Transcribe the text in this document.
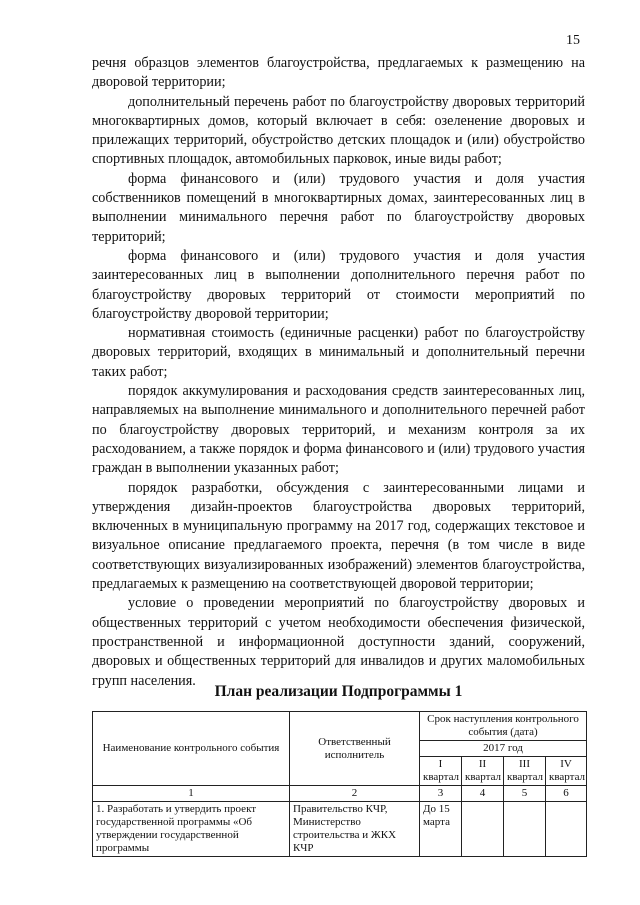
15

речня образцов элементов благоустройства, предлагаемых к размещению на дворовой территории;

дополнительный перечень работ по благоустройству дворовых территорий многоквартирных домов, который включает в себя: озеленение дворовых и прилежащих территорий, обустройство детских площадок и (или) обустройство спортивных площадок, автомобильных парковок, иные виды работ;

форма финансового и (или) трудового участия и доля участия собственников помещений в многоквартирных домах, заинтересованных лиц в выполнении минимального перечня работ по благоустройству дворовых территорий;

форма финансового и (или) трудового участия и доля участия заинтересованных лиц в выполнении дополнительного перечня работ по благоустройству дворовых территорий от стоимости мероприятий по благоустройству дворовой территории;

нормативная стоимость (единичные расценки) работ по благоустройству дворовых территорий, входящих в минимальный и дополнительный перечни таких работ;

порядок аккумулирования и расходования средств заинтересованных лиц, направляемых на выполнение минимального и дополнительного перечней работ по благоустройству дворовых территорий, и механизм контроля за их расходованием, а также порядок и форма финансового и (или) трудового участия граждан в выполнении указанных работ;

порядок разработки, обсуждения с заинтересованными лицами и утверждения дизайн-проектов благоустройства дворовых территорий, включенных в муниципальную программу на 2017 год, содержащих текстовое и визуальное описание предлагаемого проекта, перечня (в том числе в виде соответствующих визуализированных изображений) элементов благоустройства, предлагаемых к размещению на соответствующей дворовой территории;

условие о проведении мероприятий по благоустройству дворовых и общественных территорий с учетом необходимости обеспечения физической, пространственной и информационной доступности зданий, сооружений, дворовых и общественных территорий для инвалидов и других маломобильных групп населения.

План реализации Подпрограммы 1
Наименование контрольного события	Ответственный исполнитель	Срок наступления контрольного события (дата)			
		2017 год			
		I квартал	II квартал	III квартал	IV квартал
1	2	3	4	5	6
1. Разработать и утвердить проект государственной программы «Об утверждении государственной программы	Правительство КЧР, Министерство строительства и ЖКХ КЧР	До 15 марта			
